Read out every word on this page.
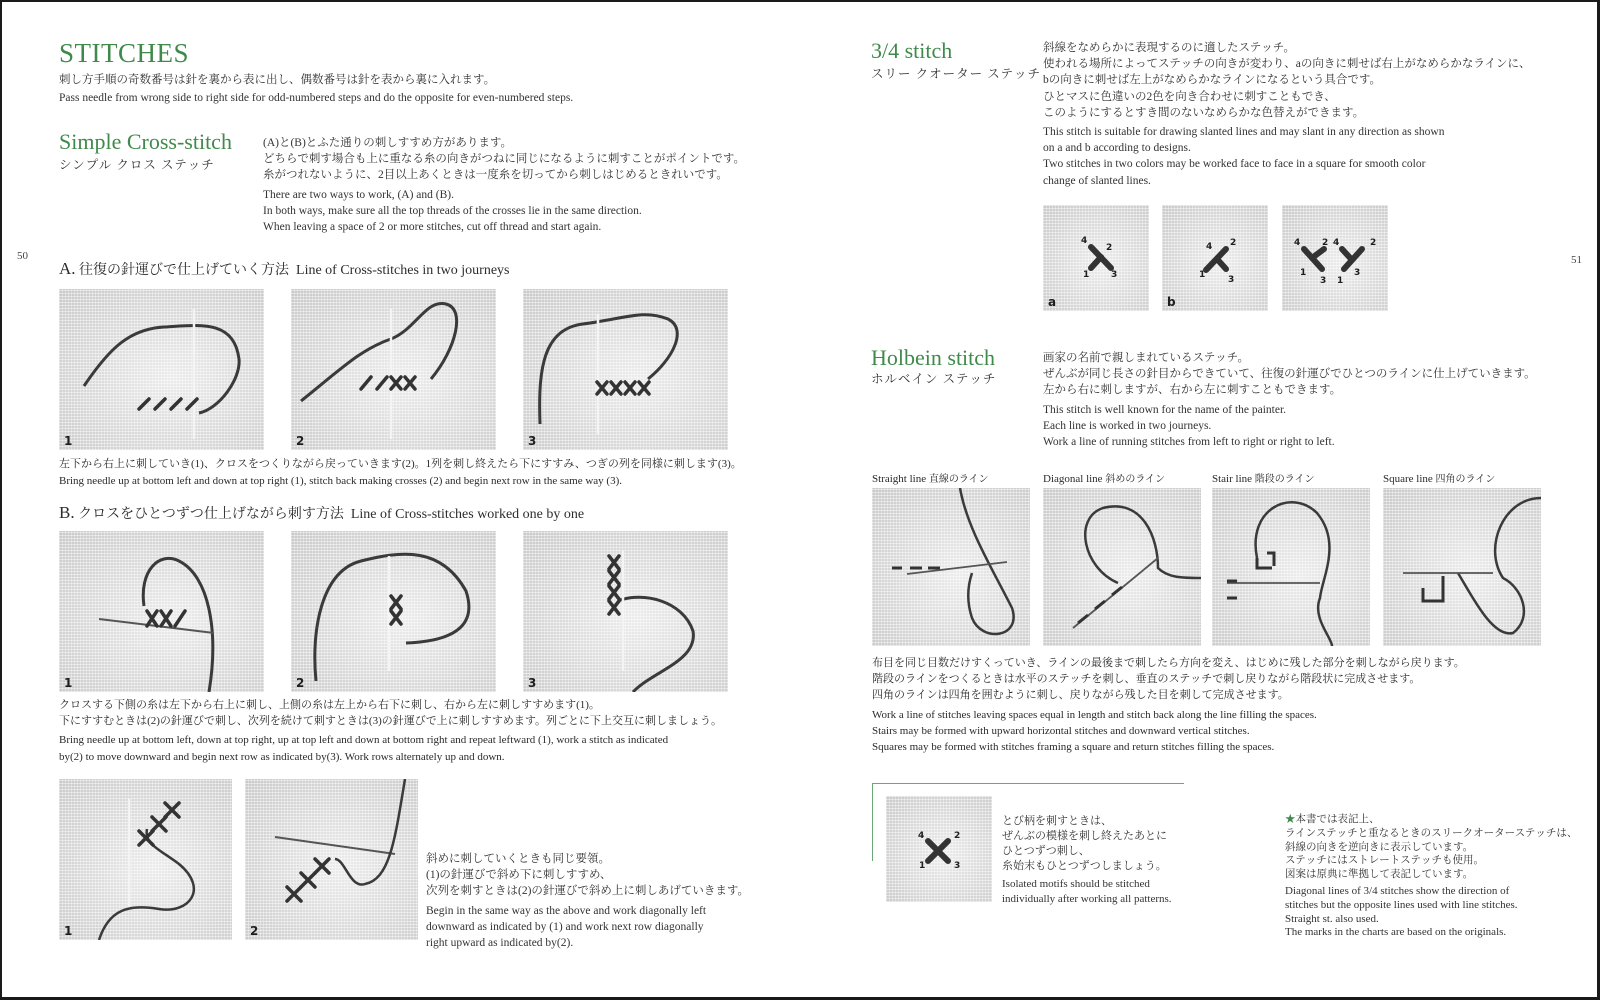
50
STITCHES

刺し方手順の奇数番号は針を裏から表に出し、偶数番号は針を表から裏に入れます。

Pass needle from wrong side to right side for odd-numbered steps and do the opposite for even-numbered steps.

Simple Cross-stitch
シンプル クロス ステッチ

(A)と(B)とふた通りの刺しすすめ方があります。

どちらで刺す場合も上に重なる糸の向きがつねに同じになるように刺すことがポイントです。

糸がつれないように、2目以上あくときは一度糸を切ってから刺しはじめるときれいです。

There are two ways to work, (A) and (B).

In both ways, make sure all the top threads of the crosses lie in the same direction.

When leaving a space of 2 or more stitches, cut off thread and start again.

A. 往復の針運びで仕上げていく方法 Line of Cross-stitches in two journeys
1	2	3

左下から右上に刺していき(1)、クロスをつくりながら戻っていきます(2)。1列を刺し終えたら下にすすみ、つぎの列を同様に刺します(3)。

Bring needle up at bottom left and down at top right (1), stitch back making crosses (2) and begin next row in the same way (3).

B. クロスをひとつずつ仕上げながら刺す方法 Line of Cross-stitches worked one by one
1	2	3

クロスする下側の糸は左下から右上に刺し、上側の糸は左上から右下に刺し、右から左に刺しすすめます(1)。

下にすすむときは(2)の針運びで刺し、次列を続けて刺すときは(3)の針運びで上に刺しすすめます。列ごとに下上交互に刺しましょう。

Bring needle up at bottom left, down at top right, up at top left and down at bottom right and repeat leftward (1), work a stitch as indicated

by(2) to move downward and begin next row as indicated by(3). Work rows alternately up and down.

1	2

斜めに刺していくときも同じ要領。

(1)の針運びで斜め下に刺しすすめ、

次列を刺すときは(2)の針運びで斜め上に刺しあげていきます。

Begin in the same way as the above and work diagonally left

downward as indicated by (1) and work next row diagonally

right upward as indicated by(2).

51
3/4 stitch
スリー クオーター ステッチ

斜線をなめらかに表現するのに適したステッチ。

使われる場所によってステッチの向きが変わり、aの向きに刺せば右上がなめらかなラインに、

bの向きに刺せば左上がなめらかなラインになるという具合です。

ひとマスに色違いの2色を向き合わせに刺すこともでき、

このようにするとすき間のないなめらかな色替えができます。

This stitch is suitable for drawing slanted lines and may slant in any direction as shown

on a and b according to designs.

Two stitches in two colors may be worked face to face in a square for smooth color

change of slanted lines.

4
2
1 3
a
4 2
1	3
b
4 2
1
3
4	2
1
3
Holbein stitch
ホルベイン ステッチ

画家の名前で親しまれているステッチ。

ぜんぶが同じ長さの針目からできていて、往復の針運びでひとつのラインに仕上げていきます。

左から右に刺しますが、右から左に刺すこともできます。

This stitch is well known for the name of the painter.

Each line is worked in two journeys.

Work a line of running stitches from left to right or right to left.

Straight line 直線のライン	Diagonal line 斜めのライン	Stair line 階段のライン	Square line 四角のライン

布目を同じ目数だけすくっていき、ラインの最後まで刺したら方向を変え、はじめに残した部分を刺しながら戻ります。

階段のラインをつくるときは水平のステッチを刺し、垂直のステッチで刺し戻りながら階段状に完成させます。

四角のラインは四角を囲むように刺し、戻りながら残した目を刺して完成させます。

Work a line of stitches leaving spaces equal in length and stitch back along the line filling the spaces.

Stairs may be formed with upward horizontal stitches and downward vertical stitches.

Squares may be formed with stitches framing a square and return stitches filling the spaces.

4	2
1	3

とび柄を刺すときは、

ぜんぶの模様を刺し終えたあとに

ひとつずつ刺し、

糸始末もひとつずつしましょう。

Isolated motifs should be stitched

individually after working all patterns.

★本書では表記上、

ラインステッチと重なるときのスリークオーターステッチは、

斜線の向きを逆向きに表示しています。

ステッチにはストレートステッチも使用。

図案は原典に準拠して表記しています。

Diagonal lines of 3/4 stitches show the direction of

stitches but the opposite lines used with line stitches.

Straight st. also used.

The marks in the charts are based on the originals.
